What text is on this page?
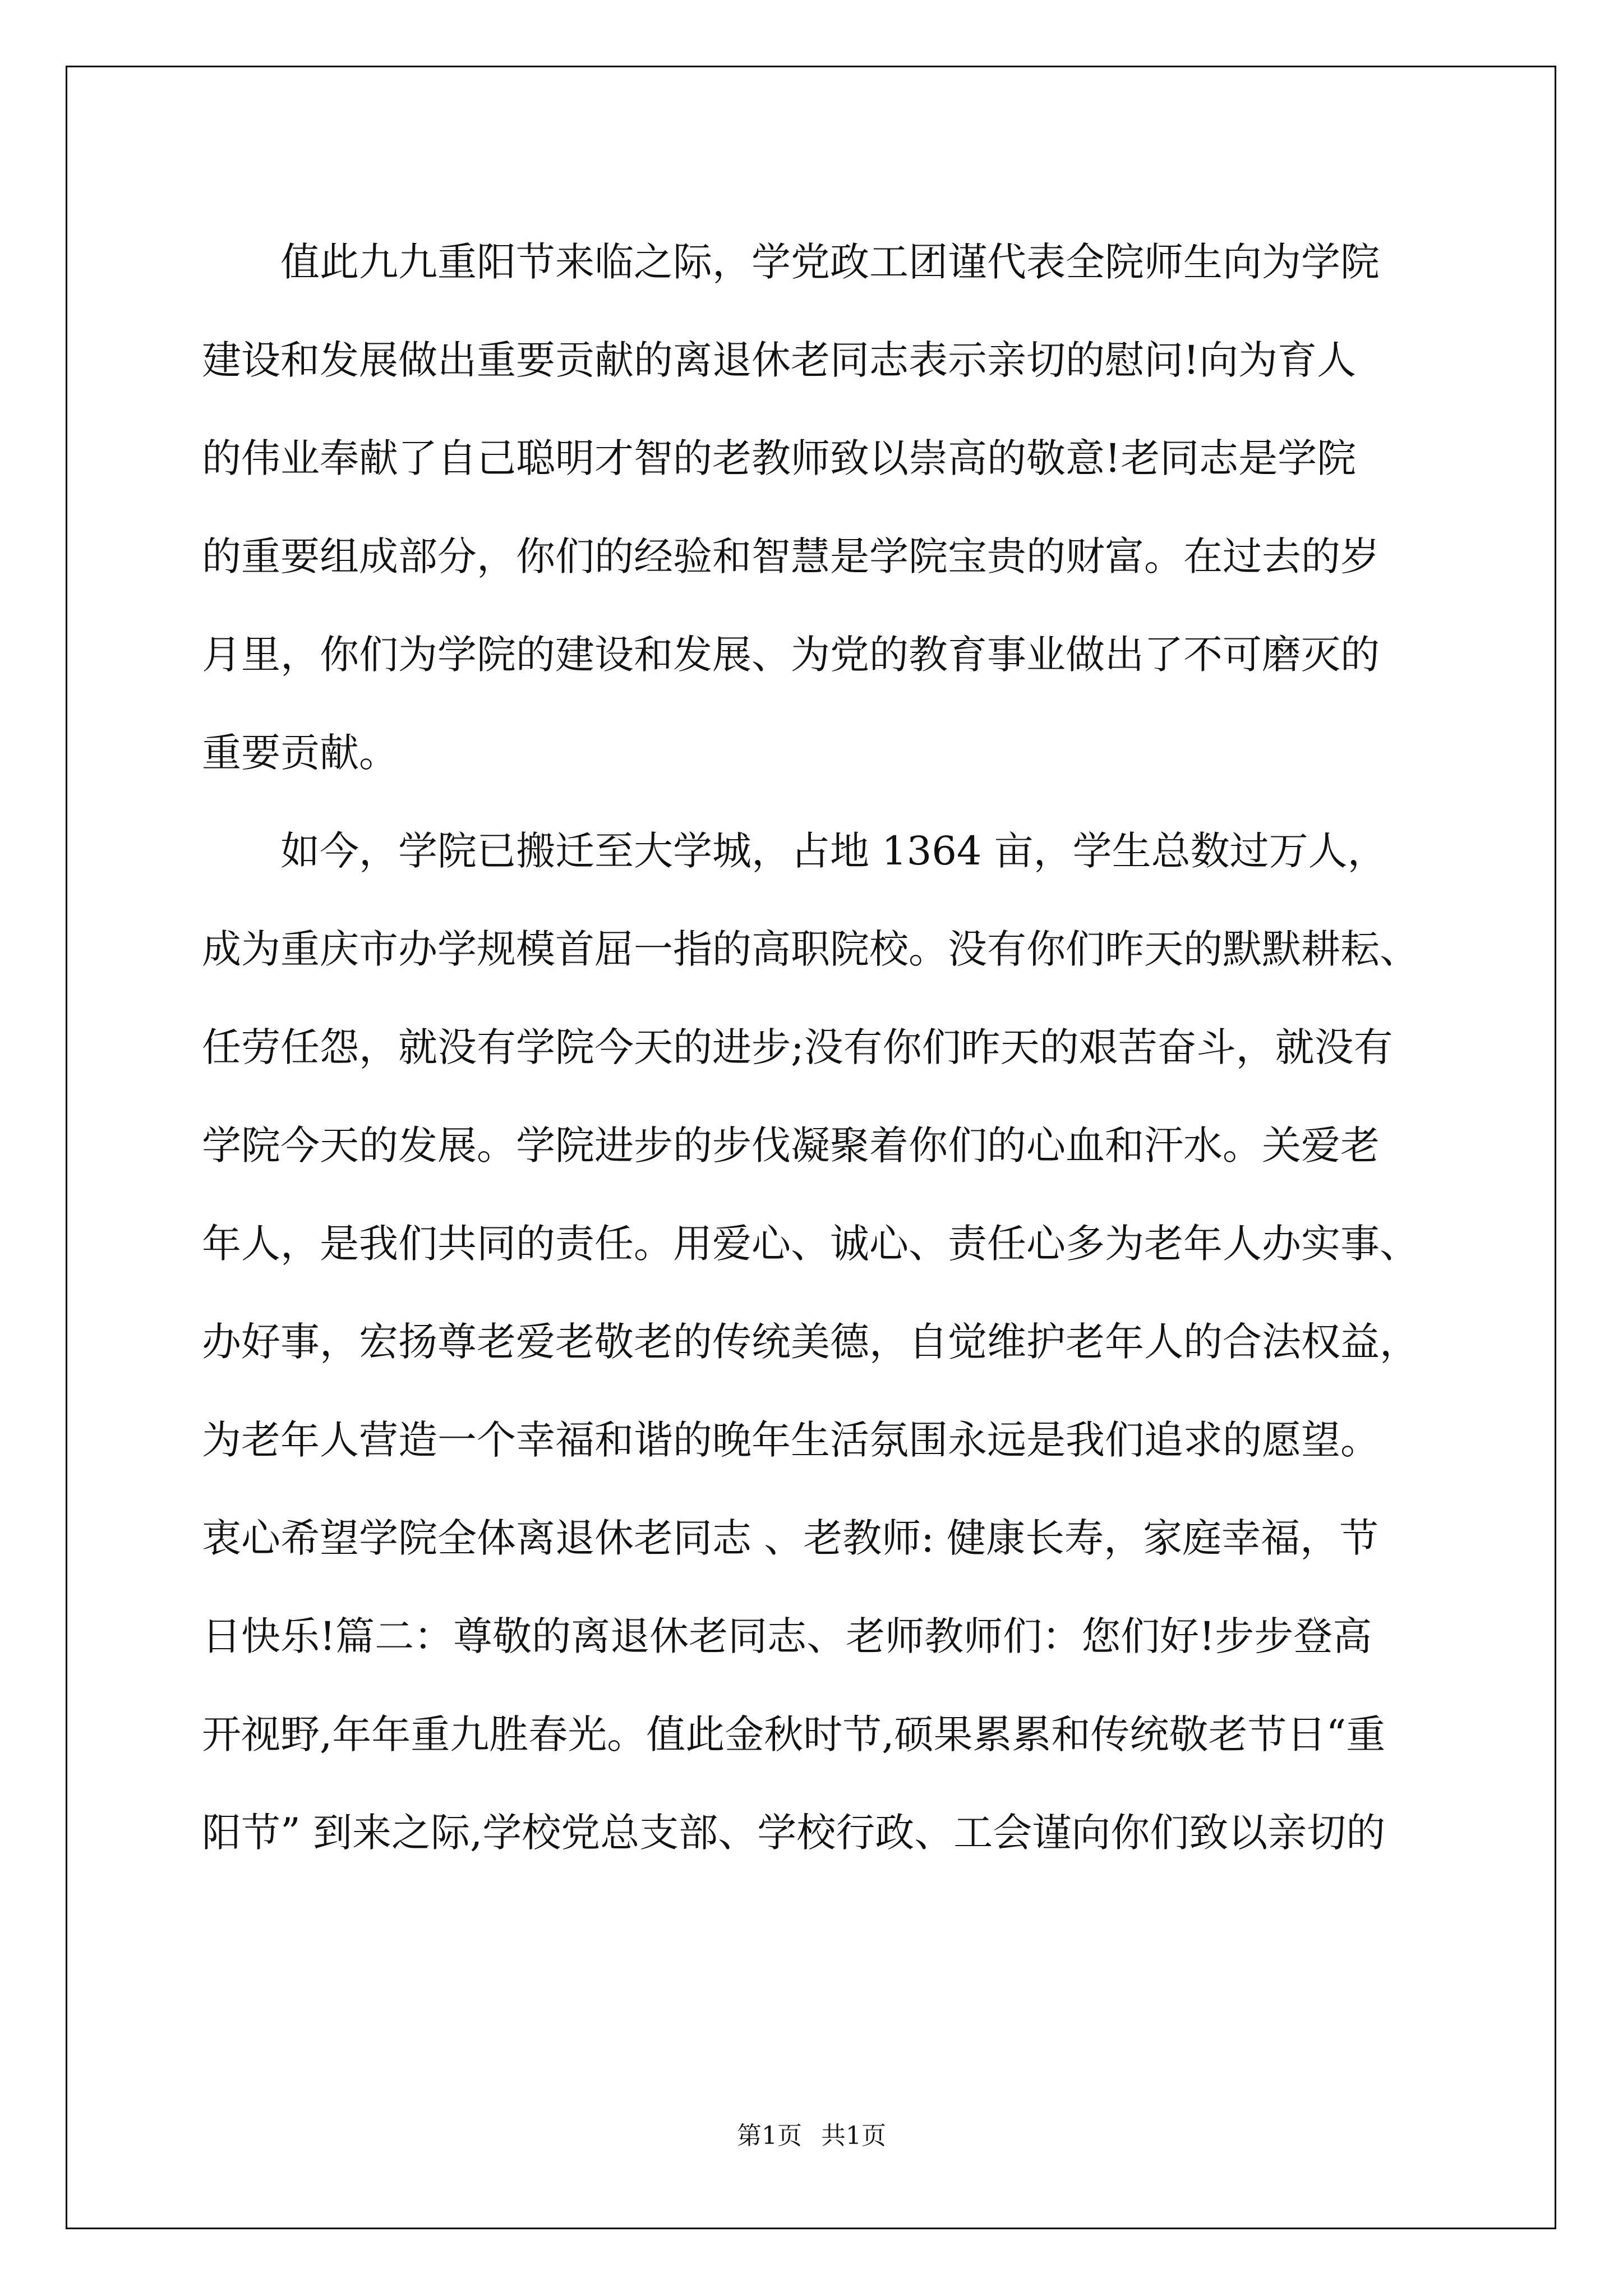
　　值此九九重阳节来临之际，学党政工团谨代表全院师生向为学院
建设和发展做出重要贡献的离退休老同志表示亲切的慰问!向为育人
的伟业奉献了自己聪明才智的老教师致以崇高的敬意!老同志是学院
的重要组成部分，你们的经验和智慧是学院宝贵的财富。在过去的岁
月里，你们为学院的建设和发展、为党的教育事业做出了不可磨灭的
重要贡献。
　　如今，学院已搬迁至大学城，占地 1364 亩，学生总数过万人，
成为重庆市办学规模首屈一指的高职院校。没有你们昨天的默默耕耘、
任劳任怨，就没有学院今天的进步;没有你们昨天的艰苦奋斗，就没有
学院今天的发展。学院进步的步伐凝聚着你们的心血和汗水。关爱老
年人，是我们共同的责任。用爱心、诚心、责任心多为老年人办实事、
办好事，宏扬尊老爱老敬老的传统美德，自觉维护老年人的合法权益，
为老年人营造一个幸福和谐的晚年生活氛围永远是我们追求的愿望。
衷心希望学院全体离退休老同志 、老教师: 健康长寿，家庭幸福，节
日快乐!篇二：尊敬的离退休老同志、老师教师们：您们好!步步登高
开视野,年年重九胜春光。值此金秋时节,硕果累累和传统敬老节日“重
阳节” 到来之际,学校党总支部、学校行政、工会谨向你们致以亲切的
第1页 共1页
